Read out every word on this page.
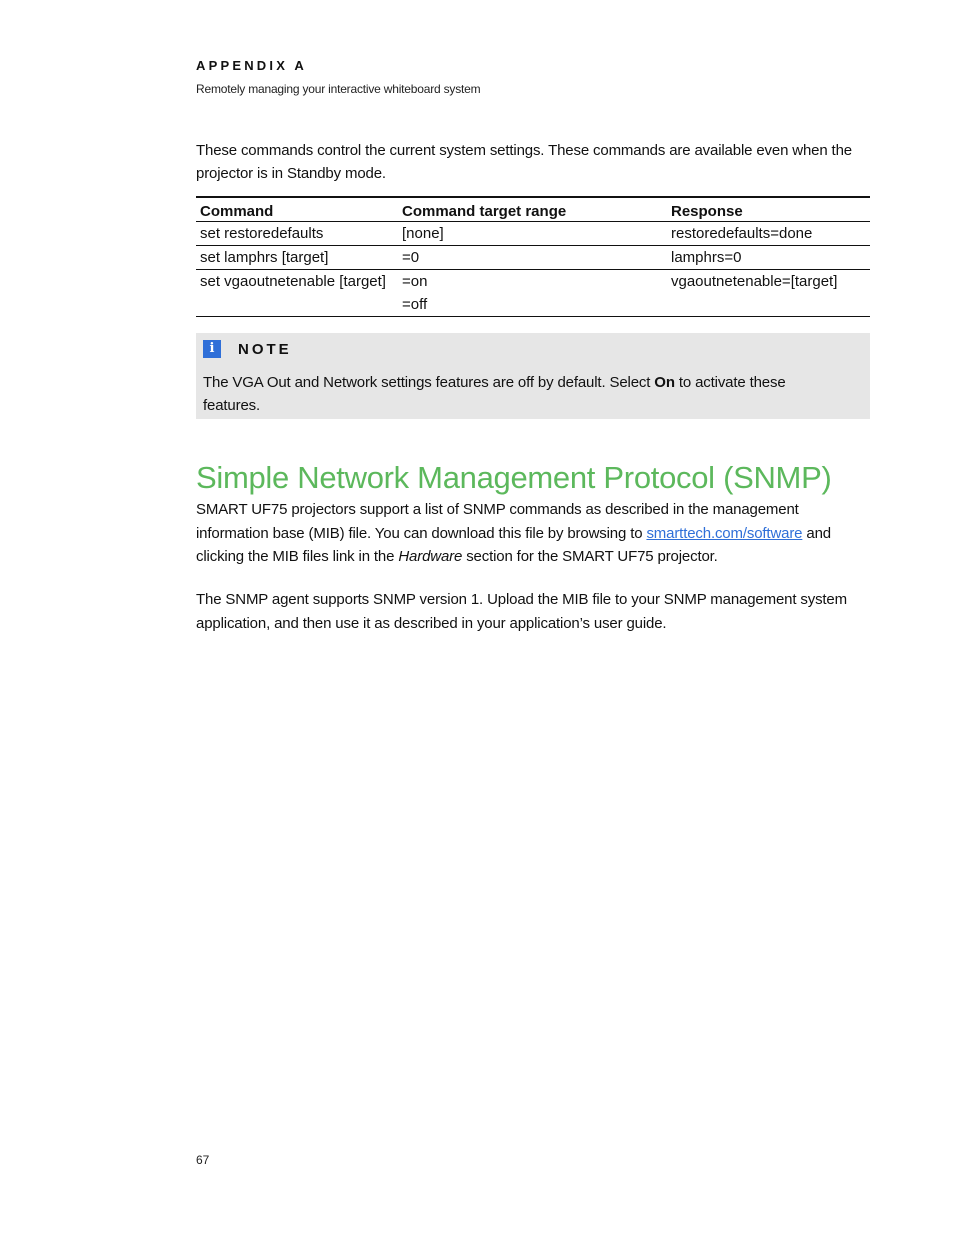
APPENDIX A
Remotely managing your interactive whiteboard system

These commands control the current system settings. These commands are available even when the projector is in Standby mode.

Command	Command target range	Response
set restoredefaults	[none]	restoredefaults=done
set lamphrs [target]	=0	lamphrs=0
set vgaoutnetenable [target]	=on	vgaoutnetenable=[target]
	=off	
i	NOTE

The VGA Out and Network settings features are off by default. Select On to activate these features.

Simple Network Management Protocol (SNMP)

SMART UF75 projectors support a list of SNMP commands as described in the management information base (MIB) file. You can download this file by browsing to smarttech.com/software and clicking the MIB files link in the Hardware section for the SMART UF75 projector.

The SNMP agent supports SNMP version 1. Upload the MIB file to your SNMP management system application, and then use it as described in your application’s user guide.

67
